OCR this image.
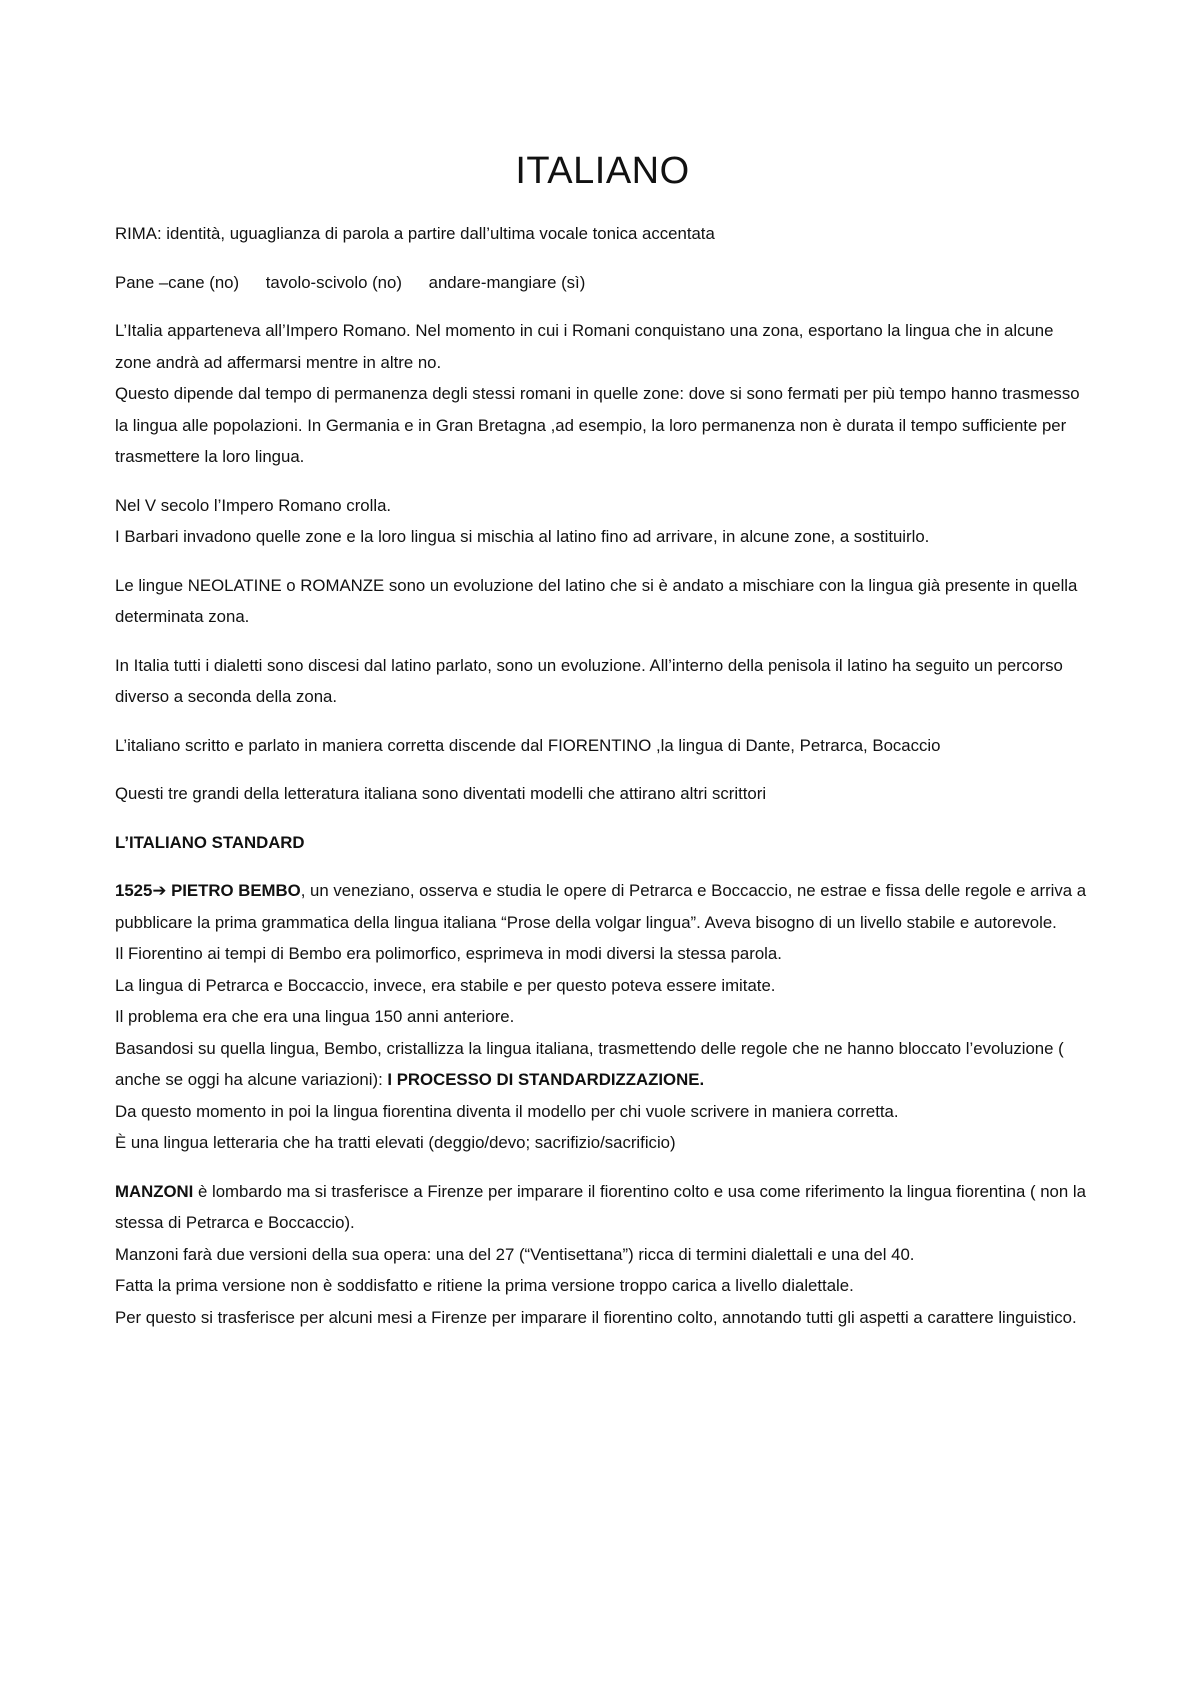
ITALIANO

RIMA: identità, uguaglianza di parola a partire dall’ultima vocale tonica accentata

Pane –cane (no) tavolo-scivolo (no) andare-mangiare (sì)

L’Italia apparteneva all’Impero Romano. Nel momento in cui i Romani conquistano una zona, esportano la lingua che in alcune zone andrà ad affermarsi mentre in altre no.
Questo dipende dal tempo di permanenza degli stessi romani in quelle zone: dove si sono fermati per più tempo hanno trasmesso la lingua alle popolazioni. In Germania e in Gran Bretagna ,ad esempio, la loro permanenza non è durata il tempo sufficiente per trasmettere la loro lingua.

Nel V secolo l’Impero Romano crolla.
I Barbari invadono quelle zone e la loro lingua si mischia al latino fino ad arrivare, in alcune zone, a sostituirlo.

Le lingue NEOLATINE o ROMANZE sono un evoluzione del latino che si è andato a mischiare con la lingua già presente in quella determinata zona.

In Italia tutti i dialetti sono discesi dal latino parlato, sono un evoluzione. All’interno della penisola il latino ha seguito un percorso diverso a seconda della zona.

L’italiano scritto e parlato in maniera corretta discende dal FIORENTINO ,la lingua di Dante, Petrarca, Bocaccio

Questi tre grandi della letteratura italiana sono diventati modelli che attirano altri scrittori

L’ITALIANO STANDARD

1525➔ PIETRO BEMBO, un veneziano, osserva e studia le opere di Petrarca e Boccaccio, ne estrae e fissa delle regole e arriva a pubblicare la prima grammatica della lingua italiana “Prose della volgar lingua”. Aveva bisogno di un livello stabile e autorevole.
Il Fiorentino ai tempi di Bembo era polimorfico, esprimeva in modi diversi la stessa parola.
La lingua di Petrarca e Boccaccio, invece, era stabile e per questo poteva essere imitate.
Il problema era che era una lingua 150 anni anteriore.
Basandosi su quella lingua, Bembo, cristallizza la lingua italiana, trasmettendo delle regole che ne hanno bloccato l’evoluzione ( anche se oggi ha alcune variazioni): I PROCESSO DI STANDARDIZZAZIONE.
Da questo momento in poi la lingua fiorentina diventa il modello per chi vuole scrivere in maniera corretta.
È una lingua letteraria che ha tratti elevati (deggio/devo; sacrifizio/sacrificio)

MANZONI è lombardo ma si trasferisce a Firenze per imparare il fiorentino colto e usa come riferimento la lingua fiorentina ( non la stessa di Petrarca e Boccaccio).
Manzoni farà due versioni della sua opera: una del 27 (“Ventisettana”) ricca di termini dialettali e una del 40.
Fatta la prima versione non è soddisfatto e ritiene la prima versione troppo carica a livello dialettale.
Per questo si trasferisce per alcuni mesi a Firenze per imparare il fiorentino colto, annotando tutti gli aspetti a carattere linguistico.
